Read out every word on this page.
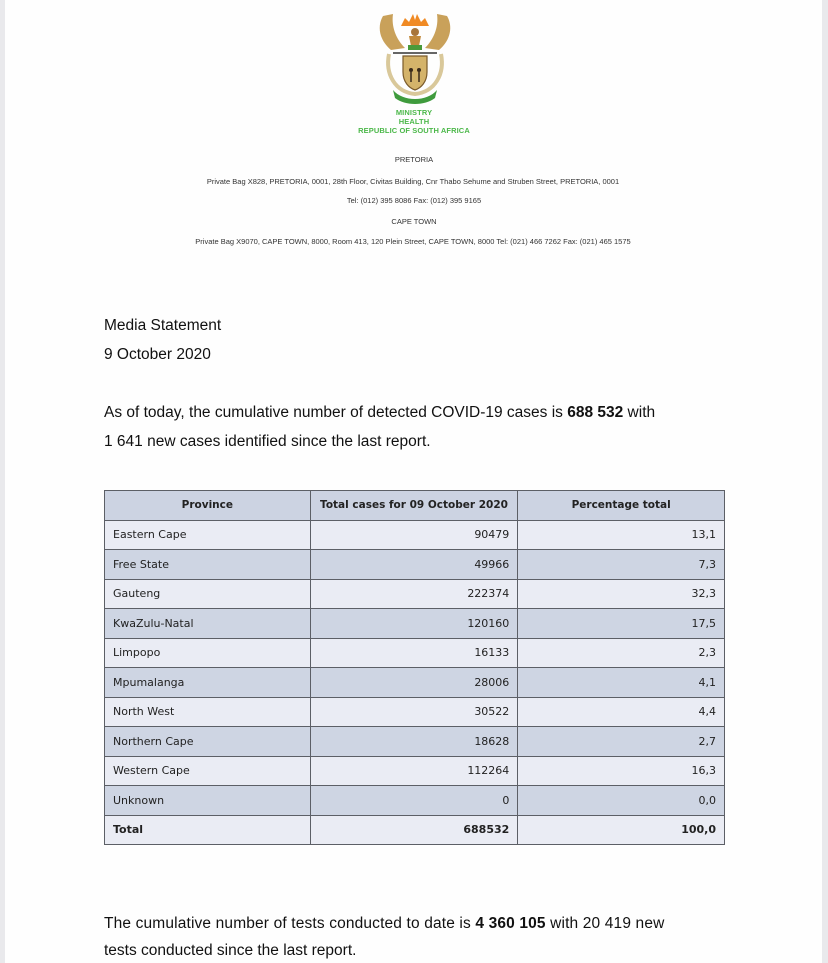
MINISTRY
HEALTH
REPUBLIC OF SOUTH AFRICA
PRETORIA
Private Bag X828, PRETORIA, 0001, 28th Floor, Civitas Building, Cnr Thabo Sehume and Struben Street, PRETORIA, 0001
Tel: (012) 395 8086 Fax: (012) 395 9165
CAPE TOWN
Private Bag X9070, CAPE TOWN, 8000, Room 413, 120 Plein Street, CAPE TOWN, 8000 Tel: (021) 466 7262 Fax: (021) 465 1575
Media Statement
9 October 2020
As of today, the cumulative number of detected COVID-19 cases is 688 532 with
1 641 new cases identified since the last report.
Province	Total cases for 09 October 2020	Percentage total
Eastern Cape	90479	13,1
Free State	49966	7,3
Gauteng	222374	32,3
KwaZulu-Natal	120160	17,5
Limpopo	16133	2,3
Mpumalanga	28006	4,1
North West	30522	4,4
Northern Cape	18628	2,7
Western Cape	112264	16,3
Unknown	0	0,0
Total	688532	100,0
The cumulative number of tests conducted to date is 4 360 105 with 20 419 new
tests conducted since the last report.
